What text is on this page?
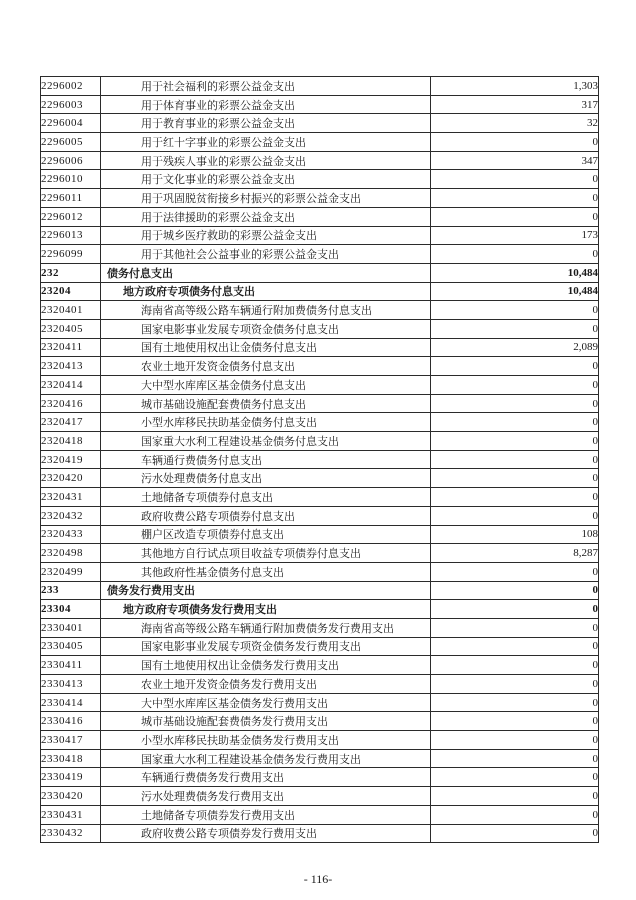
2296002	用于社会福利的彩票公益金支出	1,303
2296003	用于体育事业的彩票公益金支出	317
2296004	用于教育事业的彩票公益金支出	32
2296005	用于红十字事业的彩票公益金支出	0
2296006	用于残疾人事业的彩票公益金支出	347
2296010	用于文化事业的彩票公益金支出	0
2296011	用于巩固脱贫衔接乡村振兴的彩票公益金支出	0
2296012	用于法律援助的彩票公益金支出	0
2296013	用于城乡医疗救助的彩票公益金支出	173
2296099	用于其他社会公益事业的彩票公益金支出	0
232	债务付息支出	10,484
23204	地方政府专项债务付息支出	10,484
2320401	海南省高等级公路车辆通行附加费债务付息支出	0
2320405	国家电影事业发展专项资金债务付息支出	0
2320411	国有土地使用权出让金债务付息支出	2,089
2320413	农业土地开发资金债务付息支出	0
2320414	大中型水库库区基金债务付息支出	0
2320416	城市基础设施配套费债务付息支出	0
2320417	小型水库移民扶助基金债务付息支出	0
2320418	国家重大水利工程建设基金债务付息支出	0
2320419	车辆通行费债务付息支出	0
2320420	污水处理费债务付息支出	0
2320431	土地储备专项债券付息支出	0
2320432	政府收费公路专项债券付息支出	0
2320433	棚户区改造专项债券付息支出	108
2320498	其他地方自行试点项目收益专项债券付息支出	8,287
2320499	其他政府性基金债务付息支出	0
233	债务发行费用支出	0
23304	地方政府专项债务发行费用支出	0
2330401	海南省高等级公路车辆通行附加费债务发行费用支出	0
2330405	国家电影事业发展专项资金债务发行费用支出	0
2330411	国有土地使用权出让金债务发行费用支出	0
2330413	农业土地开发资金债务发行费用支出	0
2330414	大中型水库库区基金债务发行费用支出	0
2330416	城市基础设施配套费债务发行费用支出	0
2330417	小型水库移民扶助基金债务发行费用支出	0
2330418	国家重大水利工程建设基金债务发行费用支出	0
2330419	车辆通行费债务发行费用支出	0
2330420	污水处理费债务发行费用支出	0
2330431	土地储备专项债券发行费用支出	0
2330432	政府收费公路专项债券发行费用支出	0
- 116-
